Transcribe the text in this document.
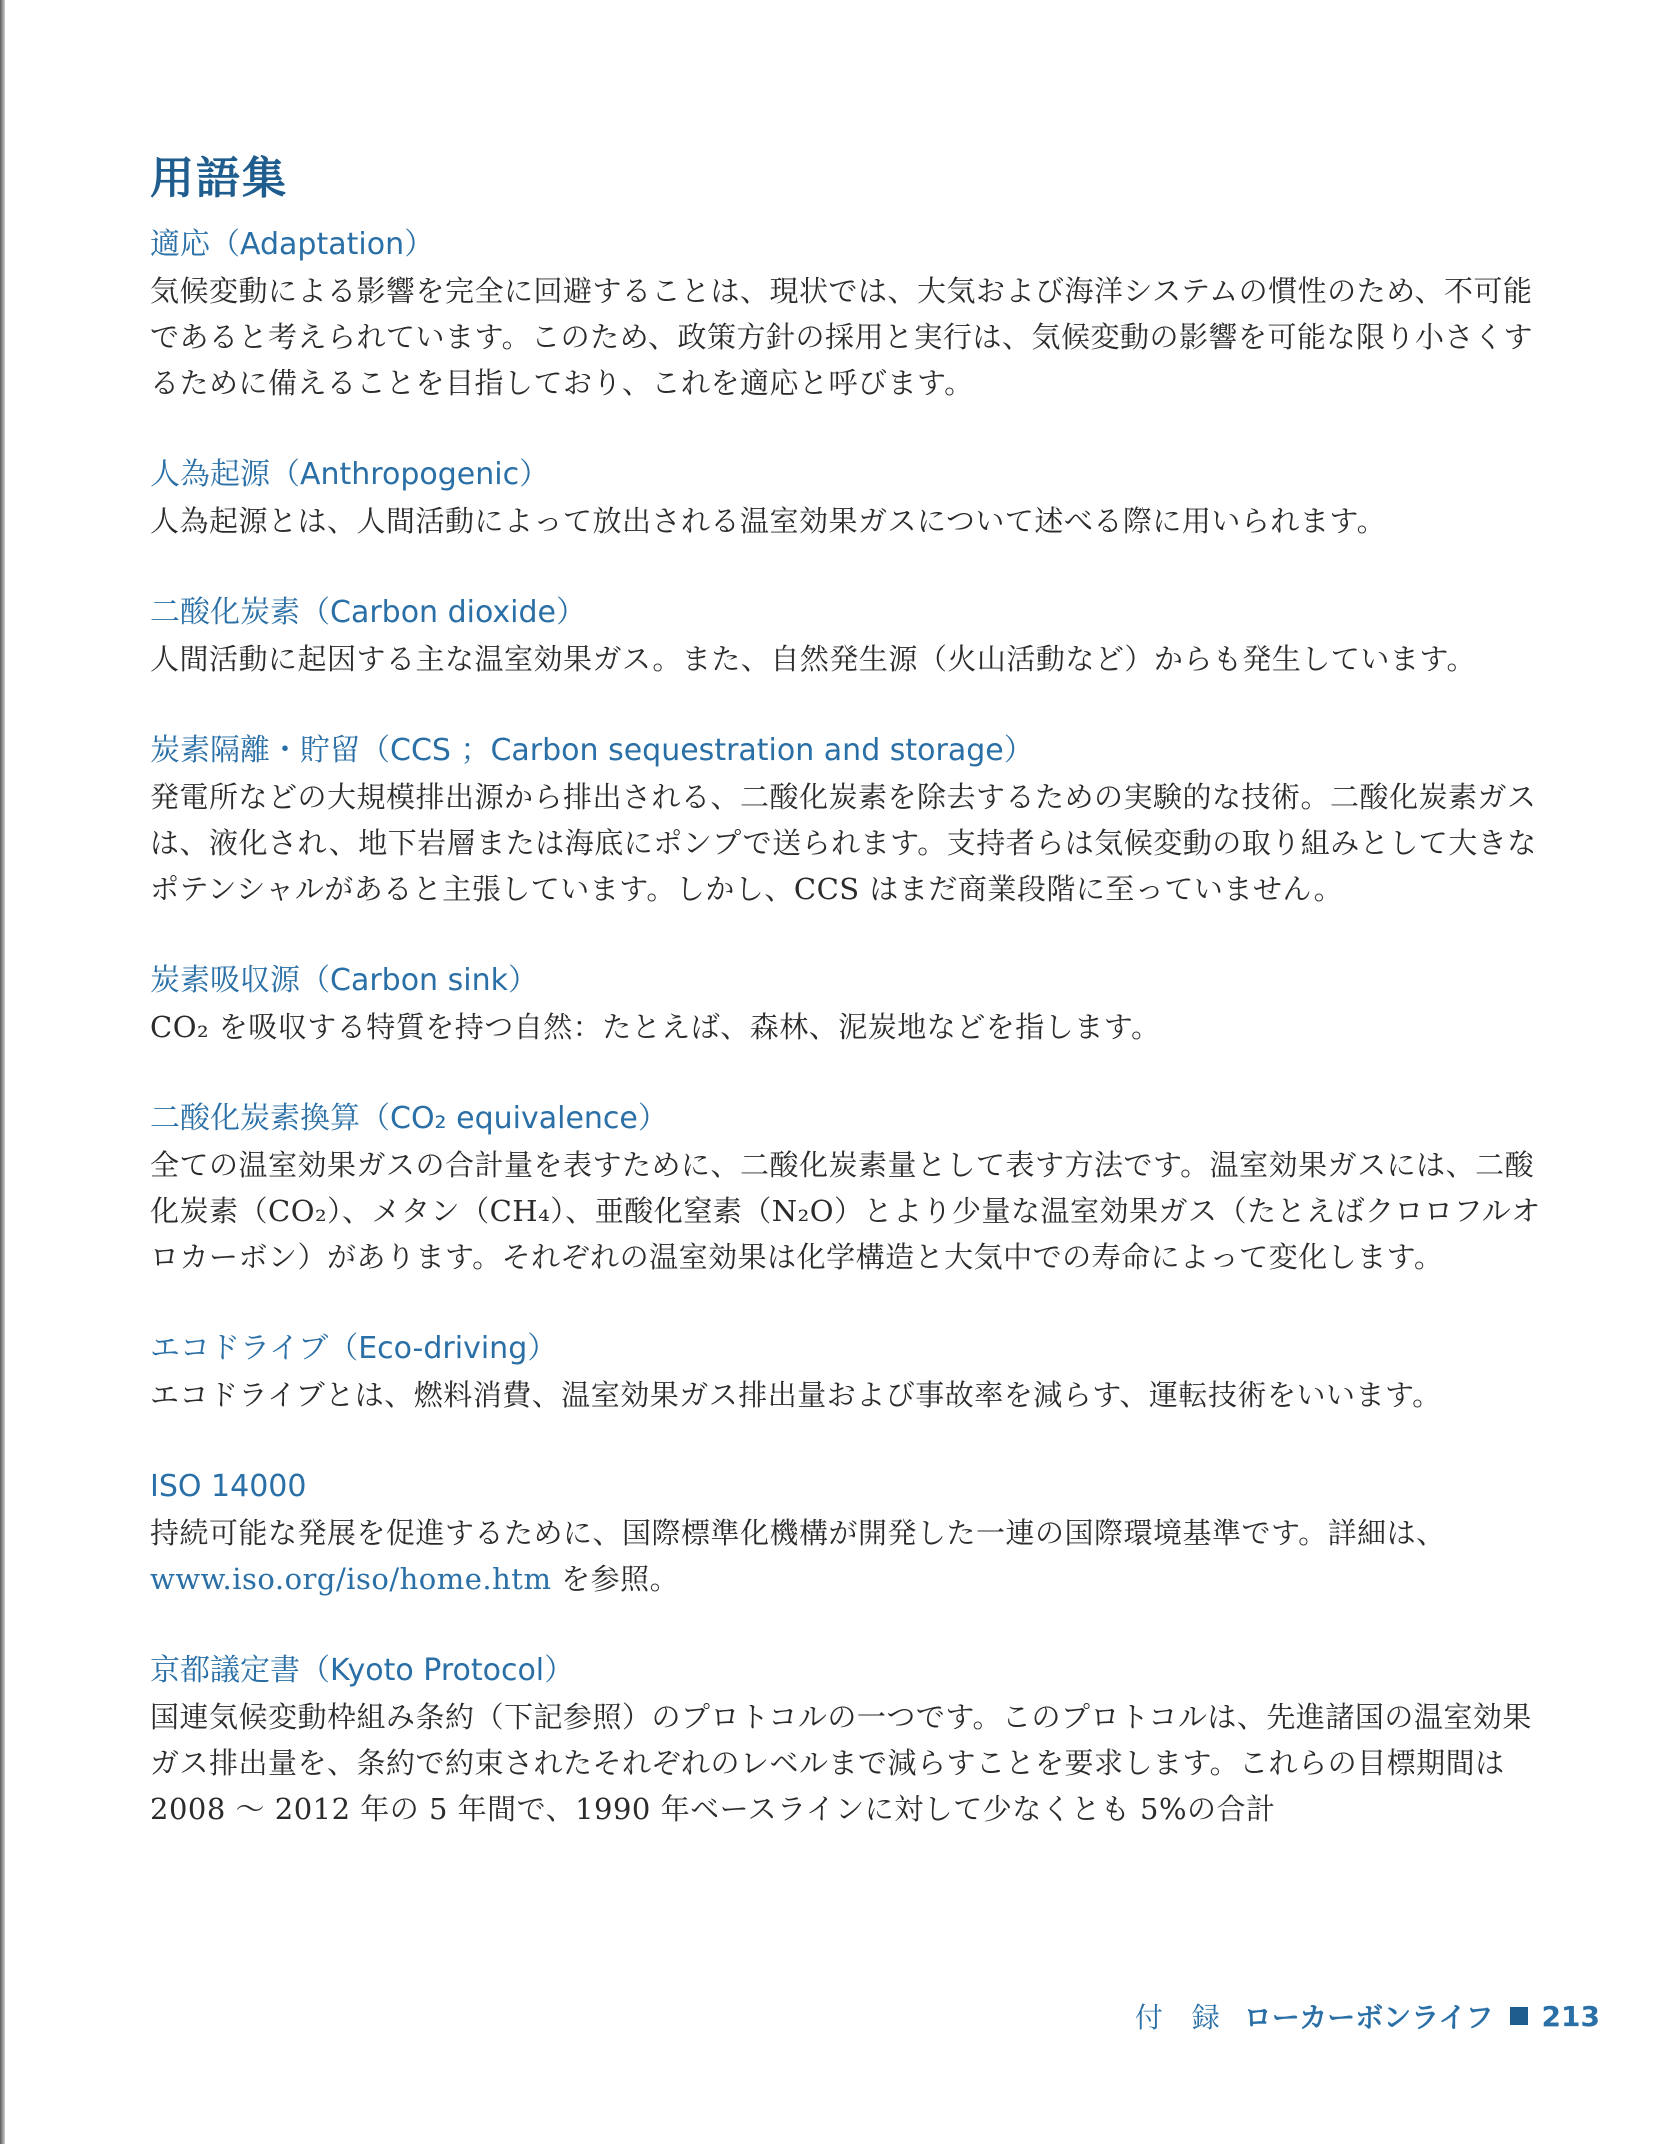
用語集

適応（Adaptation）

気候変動による影響を完全に回避することは、現状では、大気および海洋システムの慣性のため、不可能であると考えられています。このため、政策方針の採用と実行は、気候変動の影響を可能な限り小さくするために備えることを目指しており、これを適応と呼びます。

人為起源（Anthropogenic）

人為起源とは、人間活動によって放出される温室効果ガスについて述べる際に用いられます。

二酸化炭素（Carbon dioxide）

人間活動に起因する主な温室効果ガス。また、自然発生源（火山活動など）からも発生しています。

炭素隔離・貯留（CCS ；Carbon sequestration and storage）

発電所などの大規模排出源から排出される、二酸化炭素を除去するための実験的な技術。二酸化炭素ガスは、液化され、地下岩層または海底にポンプで送られます。支持者らは気候変動の取り組みとして大きなポテンシャルがあると主張しています。しかし、CCS はまだ商業段階に至っていません。

炭素吸収源（Carbon sink）

CO₂ を吸収する特質を持つ自然：たとえば、森林、泥炭地などを指します。

二酸化炭素換算（CO₂ equivalence）

全ての温室効果ガスの合計量を表すために、二酸化炭素量として表す方法です。温室効果ガスには、二酸化炭素（CO₂）、メタン（CH₄）、亜酸化窒素（N₂O）とより少量な温室効果ガス（たとえばクロロフルオロカーボン）があります。それぞれの温室効果は化学構造と大気中での寿命によって変化します。

エコドライブ（Eco-driving）

エコドライブとは、燃料消費、温室効果ガス排出量および事故率を減らす、運転技術をいいます。

ISO 14000

持続可能な発展を促進するために、国際標準化機構が開発した一連の国際環境基準です。詳細は、www.iso.org/iso/home.htm を参照。

京都議定書（Kyoto Protocol）

国連気候変動枠組み条約（下記参照）のプロトコルの一つです。このプロトコルは、先進諸国の温室効果ガス排出量を、条約で約束されたそれぞれのレベルまで減らすことを要求します。これらの目標期間は 2008 ～ 2012 年の 5 年間で、1990 年ベースラインに対して少なくとも 5%の合計

付 録 ローカーボンライフ 213
